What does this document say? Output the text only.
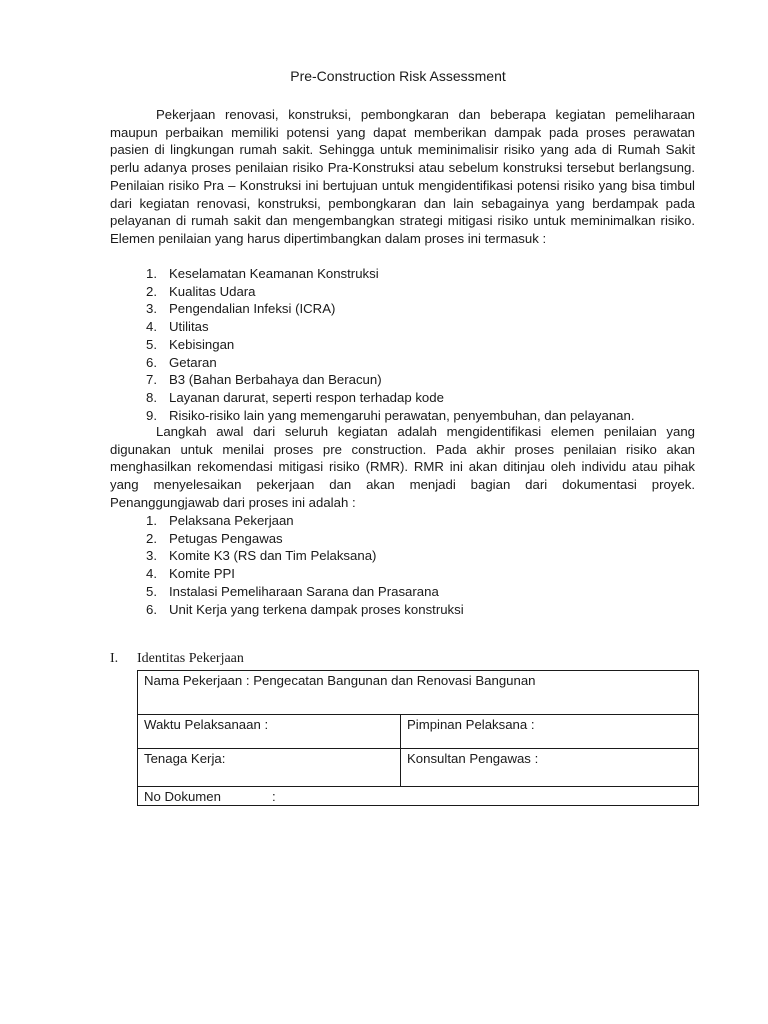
Pre-Construction Risk Assessment
Pekerjaan renovasi, konstruksi, pembongkaran dan beberapa kegiatan pemeliharaan maupun perbaikan memiliki potensi yang dapat memberikan dampak pada proses perawatan pasien di lingkungan rumah sakit. Sehingga untuk meminimalisir risiko yang ada di Rumah Sakit perlu adanya proses penilaian risiko Pra-Konstruksi atau sebelum konstruksi tersebut berlangsung. Penilaian risiko Pra – Konstruksi ini bertujuan untuk mengidentifikasi potensi risiko yang bisa timbul dari kegiatan renovasi, konstruksi, pembongkaran dan lain sebagainya yang berdampak pada pelayanan di rumah sakit dan mengembangkan strategi mitigasi risiko untuk meminimalkan risiko. Elemen penilaian yang harus dipertimbangkan dalam proses ini termasuk :
1. Keselamatan Keamanan Konstruksi
2. Kualitas Udara
3. Pengendalian Infeksi (ICRA)
4. Utilitas
5. Kebisingan
6. Getaran
7. B3 (Bahan Berbahaya dan Beracun)
8. Layanan darurat, seperti respon terhadap kode
9. Risiko-risiko lain yang memengaruhi perawatan, penyembuhan, dan pelayanan.
Langkah awal dari seluruh kegiatan adalah mengidentifikasi elemen penilaian yang digunakan untuk menilai proses pre construction. Pada akhir proses penilaian risiko akan menghasilkan rekomendasi mitigasi risiko (RMR). RMR ini akan ditinjau oleh individu atau pihak yang menyelesaikan pekerjaan dan akan menjadi bagian dari dokumentasi proyek. Penanggungjawab dari proses ini adalah :
1. Pelaksana Pekerjaan
2. Petugas Pengawas
3. Komite K3 (RS dan Tim Pelaksana)
4. Komite PPI
5. Instalasi Pemeliharaan Sarana dan Prasarana
6. Unit Kerja yang terkena dampak proses konstruksi
I. Identitas Pekerjaan
Nama Pekerjaan : Pengecatan Bangunan dan Renovasi Bangunan	
Waktu Pelaksanaan :	Pimpinan Pelaksana :
Tenaga Kerja:	Konsultan Pengawas :
No Dokumen :	
